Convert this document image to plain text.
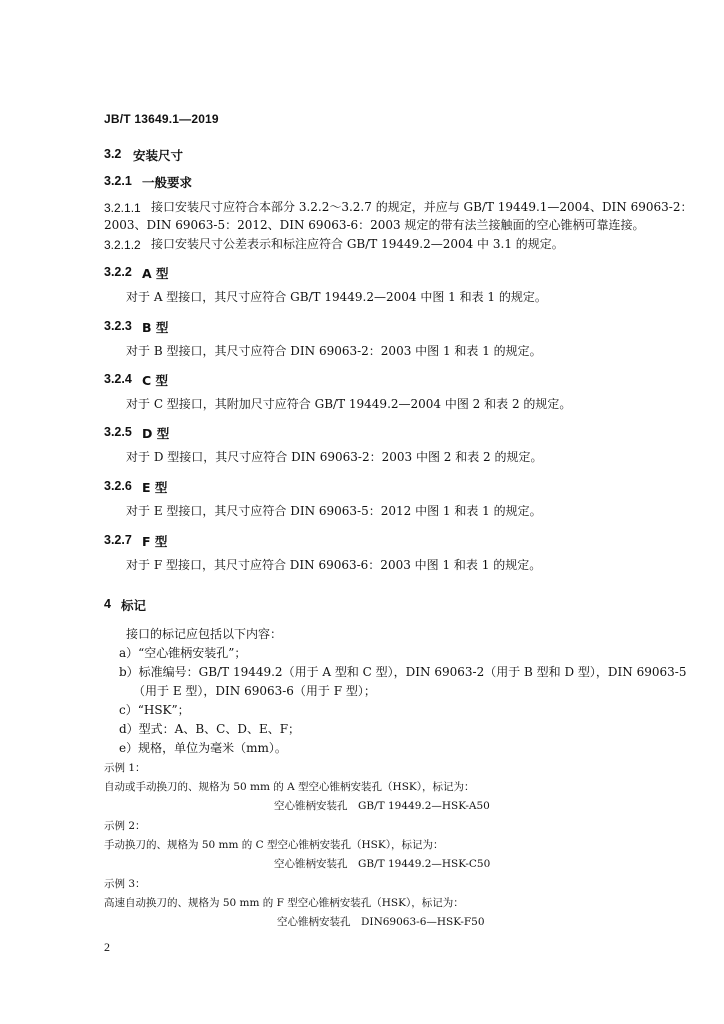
JB/T 13649.1—2019
3.2 安装尺寸
3.2.1 一般要求
3.2.1.1 接口安装尺寸应符合本部分 3.2.2～3.2.7 的规定，并应与 GB/T 19449.1—2004、DIN 69063-2：
2003、DIN 69063-5：2012、DIN 69063-6：2003 规定的带有法兰接触面的空心锥柄可靠连接。
3.2.1.2 接口安装尺寸公差表示和标注应符合 GB/T 19449.2—2004 中 3.1 的规定。
3.2.2 A 型
对于 A 型接口，其尺寸应符合 GB/T 19449.2—2004 中图 1 和表 1 的规定。
3.2.3 B 型
对于 B 型接口，其尺寸应符合 DIN 69063-2：2003 中图 1 和表 1 的规定。
3.2.4 C 型
对于 C 型接口，其附加尺寸应符合 GB/T 19449.2—2004 中图 2 和表 2 的规定。
3.2.5 D 型
对于 D 型接口，其尺寸应符合 DIN 69063-2：2003 中图 2 和表 2 的规定。
3.2.6 E 型
对于 E 型接口，其尺寸应符合 DIN 69063-5：2012 中图 1 和表 1 的规定。
3.2.7 F 型
对于 F 型接口，其尺寸应符合 DIN 69063-6：2003 中图 1 和表 1 的规定。
4 标记
接口的标记应包括以下内容：
a）“空心锥柄安装孔”；
b）标准编号：GB/T 19449.2（用于 A 型和 C 型），DIN 69063-2（用于 B 型和 D 型），DIN 69063-5
（用于 E 型），DIN 69063-6（用于 F 型）；
c）“HSK”；
d）型式：A、B、C、D、E、F；
e）规格，单位为毫米（mm）。
示例 1：
自动或手动换刀的、规格为 50 mm 的 A 型空心锥柄安装孔（HSK），标记为：
空心锥柄安装孔　GB/T 19449.2—HSK-A50
示例 2：
手动换刀的、规格为 50 mm 的 C 型空心锥柄安装孔（HSK），标记为：
空心锥柄安装孔　GB/T 19449.2—HSK-C50
示例 3：
高速自动换刀的、规格为 50 mm 的 F 型空心锥柄安装孔（HSK），标记为：
空心锥柄安装孔　DIN69063-6—HSK-F50
2
